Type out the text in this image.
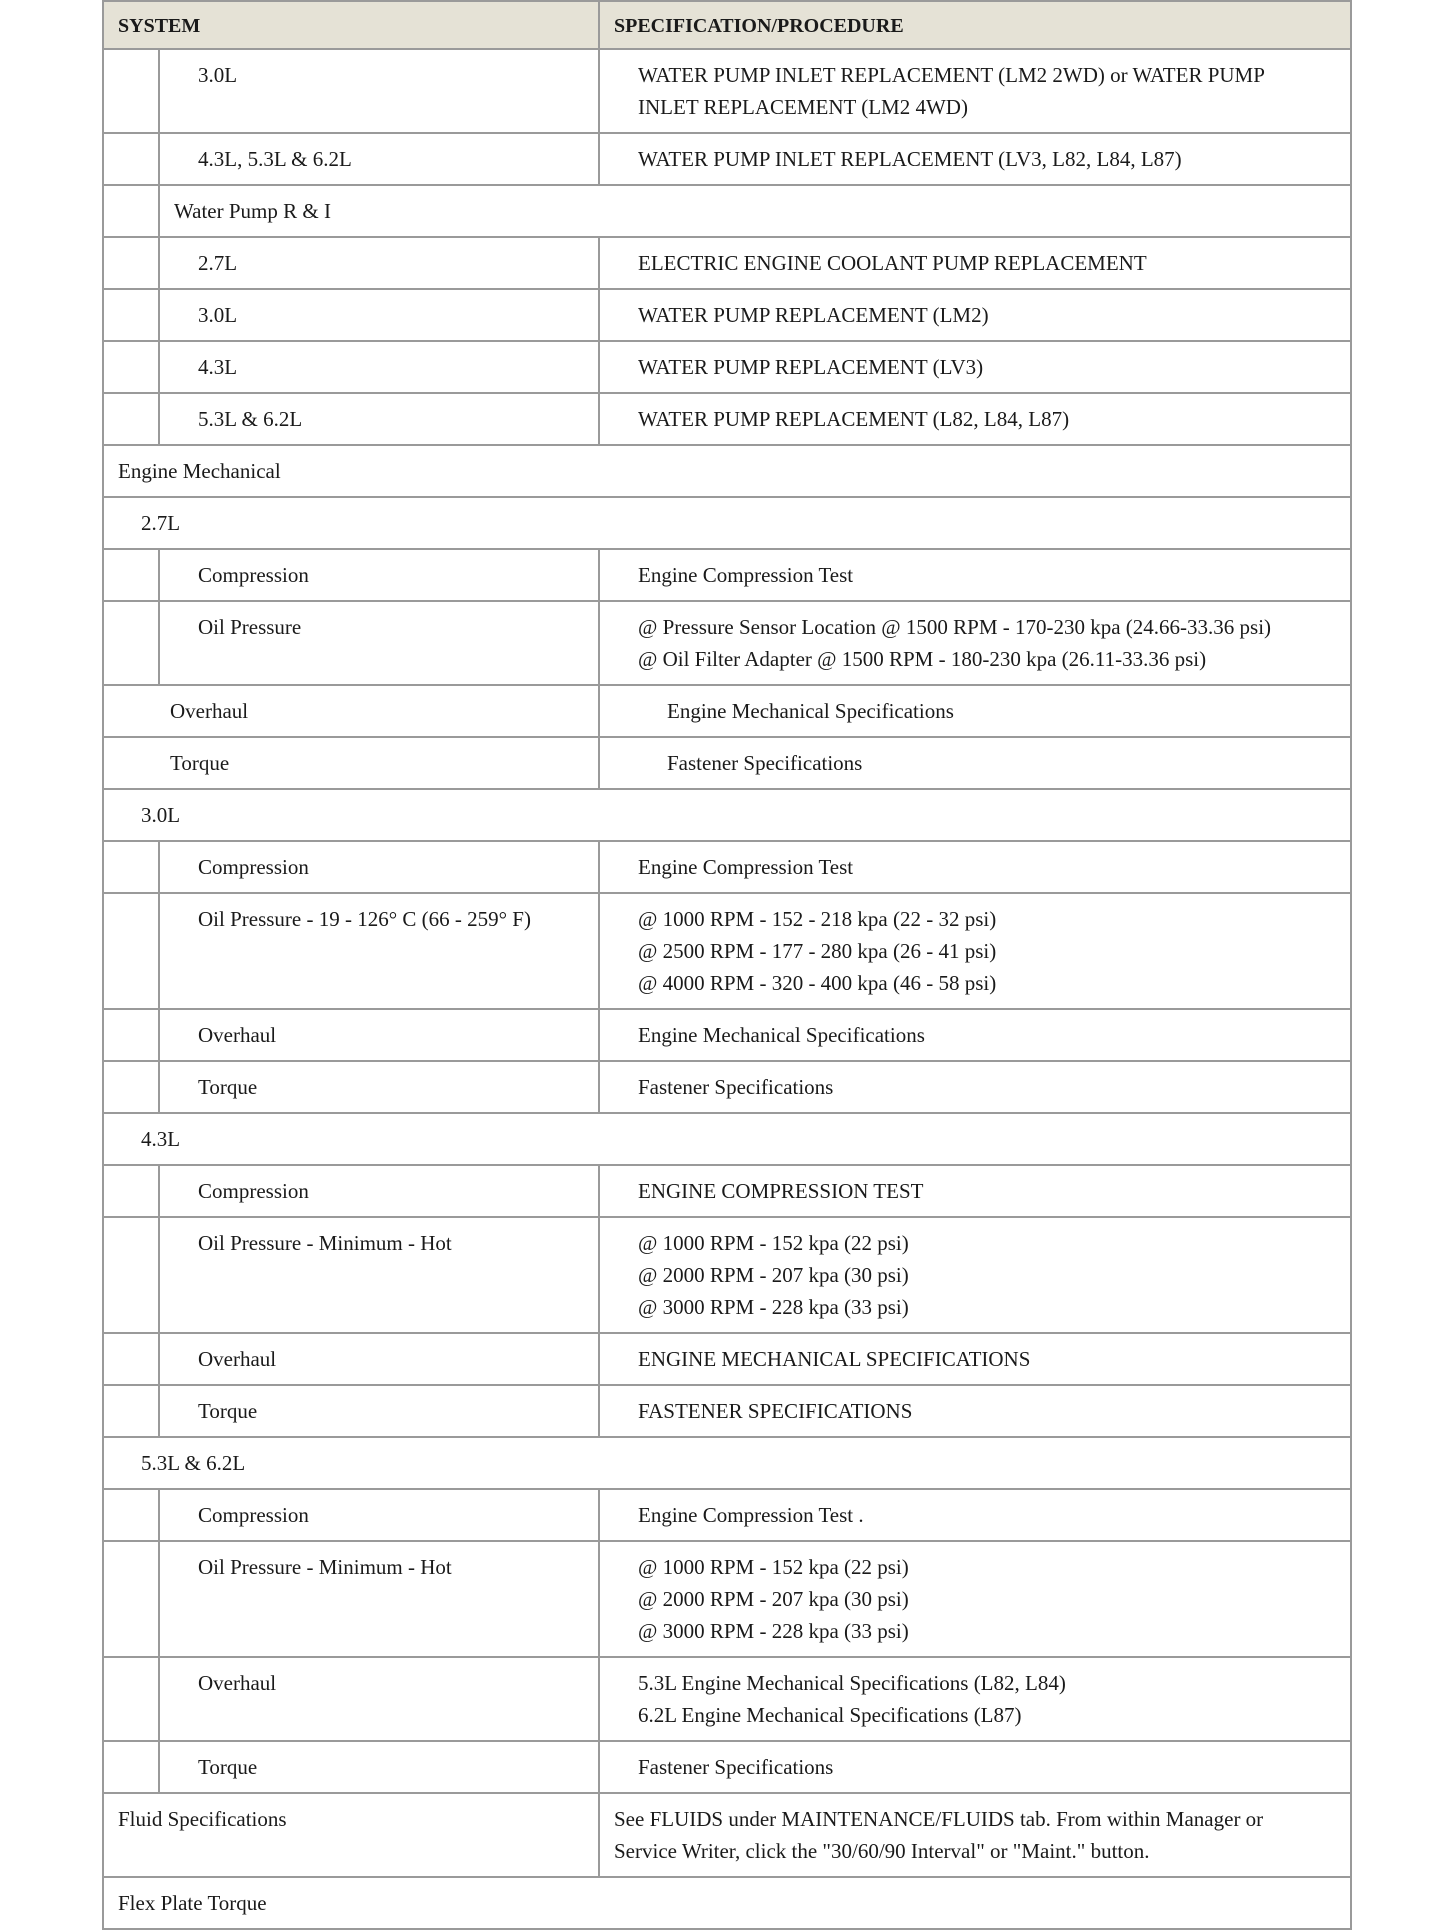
SYSTEM		SPECIFICATION/PROCEDURE
	3.0L	WATER PUMP INLET REPLACEMENT (LM2 2WD) or WATER PUMP INLET REPLACEMENT (LM2 4WD)

	4.3L, 5.3L & 6.2L	WATER PUMP INLET REPLACEMENT (LV3, L82, L84, L87)

	Water Pump R & I	
	2.7L	ELECTRIC ENGINE COOLANT PUMP REPLACEMENT

	3.0L	WATER PUMP REPLACEMENT (LM2)

	4.3L	WATER PUMP REPLACEMENT (LV3)

	5.3L & 6.2L	WATER PUMP REPLACEMENT (L82, L84, L87)

Engine Mechanical		
2.7L		
	Compression	Engine Compression Test

	Oil Pressure	@ Pressure Sensor Location @ 1500 RPM - 170-230 kpa (24.66-33.36 psi)
@ Oil Filter Adapter @ 1500 RPM - 180-230 kpa (26.11-33.36 psi)

Overhaul		Engine Mechanical Specifications

Torque		Fastener Specifications

3.0L		
	Compression	Engine Compression Test

	Oil Pressure - 19 - 126° C (66 - 259° F)	@ 1000 RPM - 152 - 218 kpa (22 - 32 psi)
@ 2500 RPM - 177 - 280 kpa (26 - 41 psi)
@ 4000 RPM - 320 - 400 kpa (46 - 58 psi)

	Overhaul	Engine Mechanical Specifications

	Torque	Fastener Specifications

4.3L		
	Compression	ENGINE COMPRESSION TEST

	Oil Pressure - Minimum - Hot	@ 1000 RPM - 152 kpa (22 psi)
@ 2000 RPM - 207 kpa (30 psi)
@ 3000 RPM - 228 kpa (33 psi)

	Overhaul	ENGINE MECHANICAL SPECIFICATIONS

	Torque	FASTENER SPECIFICATIONS

5.3L & 6.2L		
	Compression	Engine Compression Test .

	Oil Pressure - Minimum - Hot	@ 1000 RPM - 152 kpa (22 psi)
@ 2000 RPM - 207 kpa (30 psi)
@ 3000 RPM - 228 kpa (33 psi)

	Overhaul	5.3L Engine Mechanical Specifications (L82, L84)
6.2L Engine Mechanical Specifications (L87)

	Torque	Fastener Specifications

Fluid Specifications		See FLUIDS under MAINTENANCE/FLUIDS tab. From within Manager or Service Writer, click the "30/60/90 Interval" or "Maint." button.

Flex Plate Torque		
